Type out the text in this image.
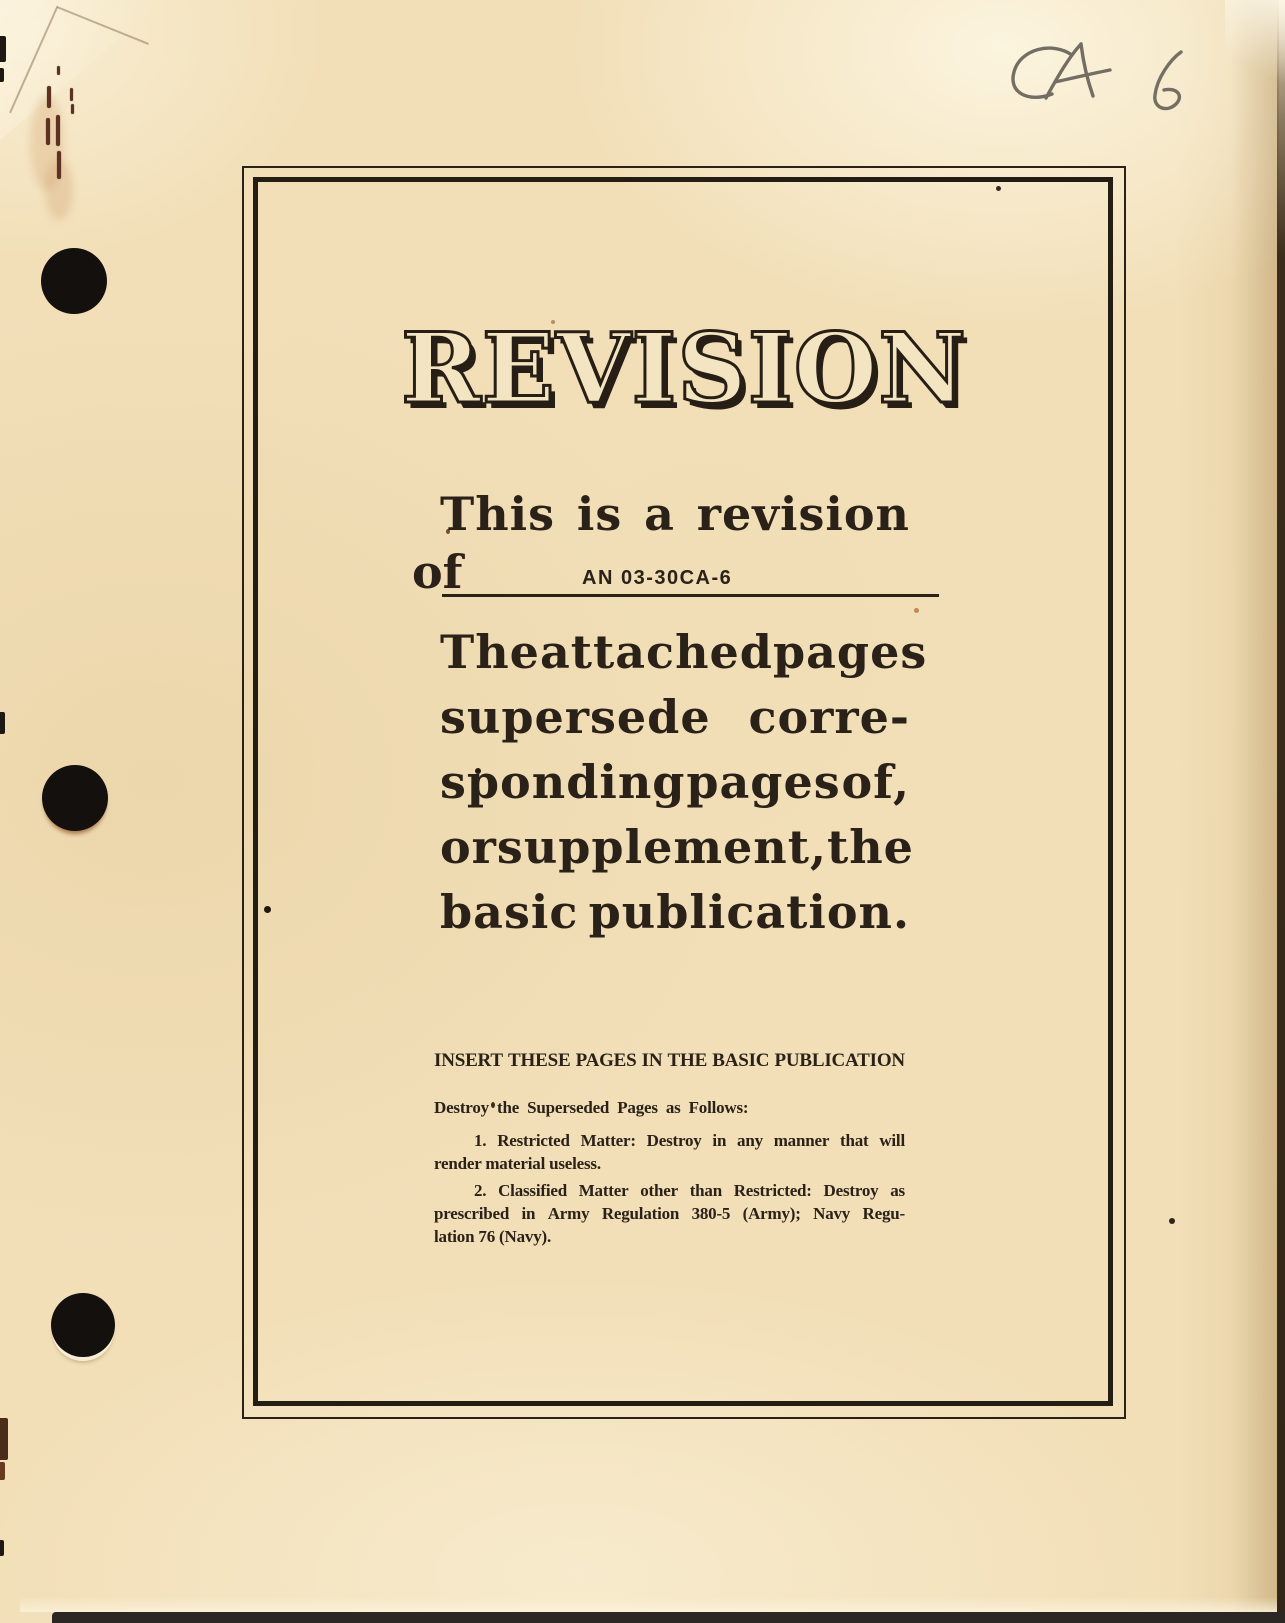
REVISION
This is a revision
of	AN 03-30CA-6
The attached pages
supersede corre-
sponding pages of,
or supplement, the
basic publication.
INSERT THESE PAGES IN THE BASIC PUBLICATION
Destroy the Superseded Pages as Follows:
1. Restricted Matter: Destroy in any manner that will
render material useless.
2. Classified Matter other than Restricted: Destroy as
prescribed in Army Regulation 380-5 (Army); Navy Regu-
lation 76 (Navy).
